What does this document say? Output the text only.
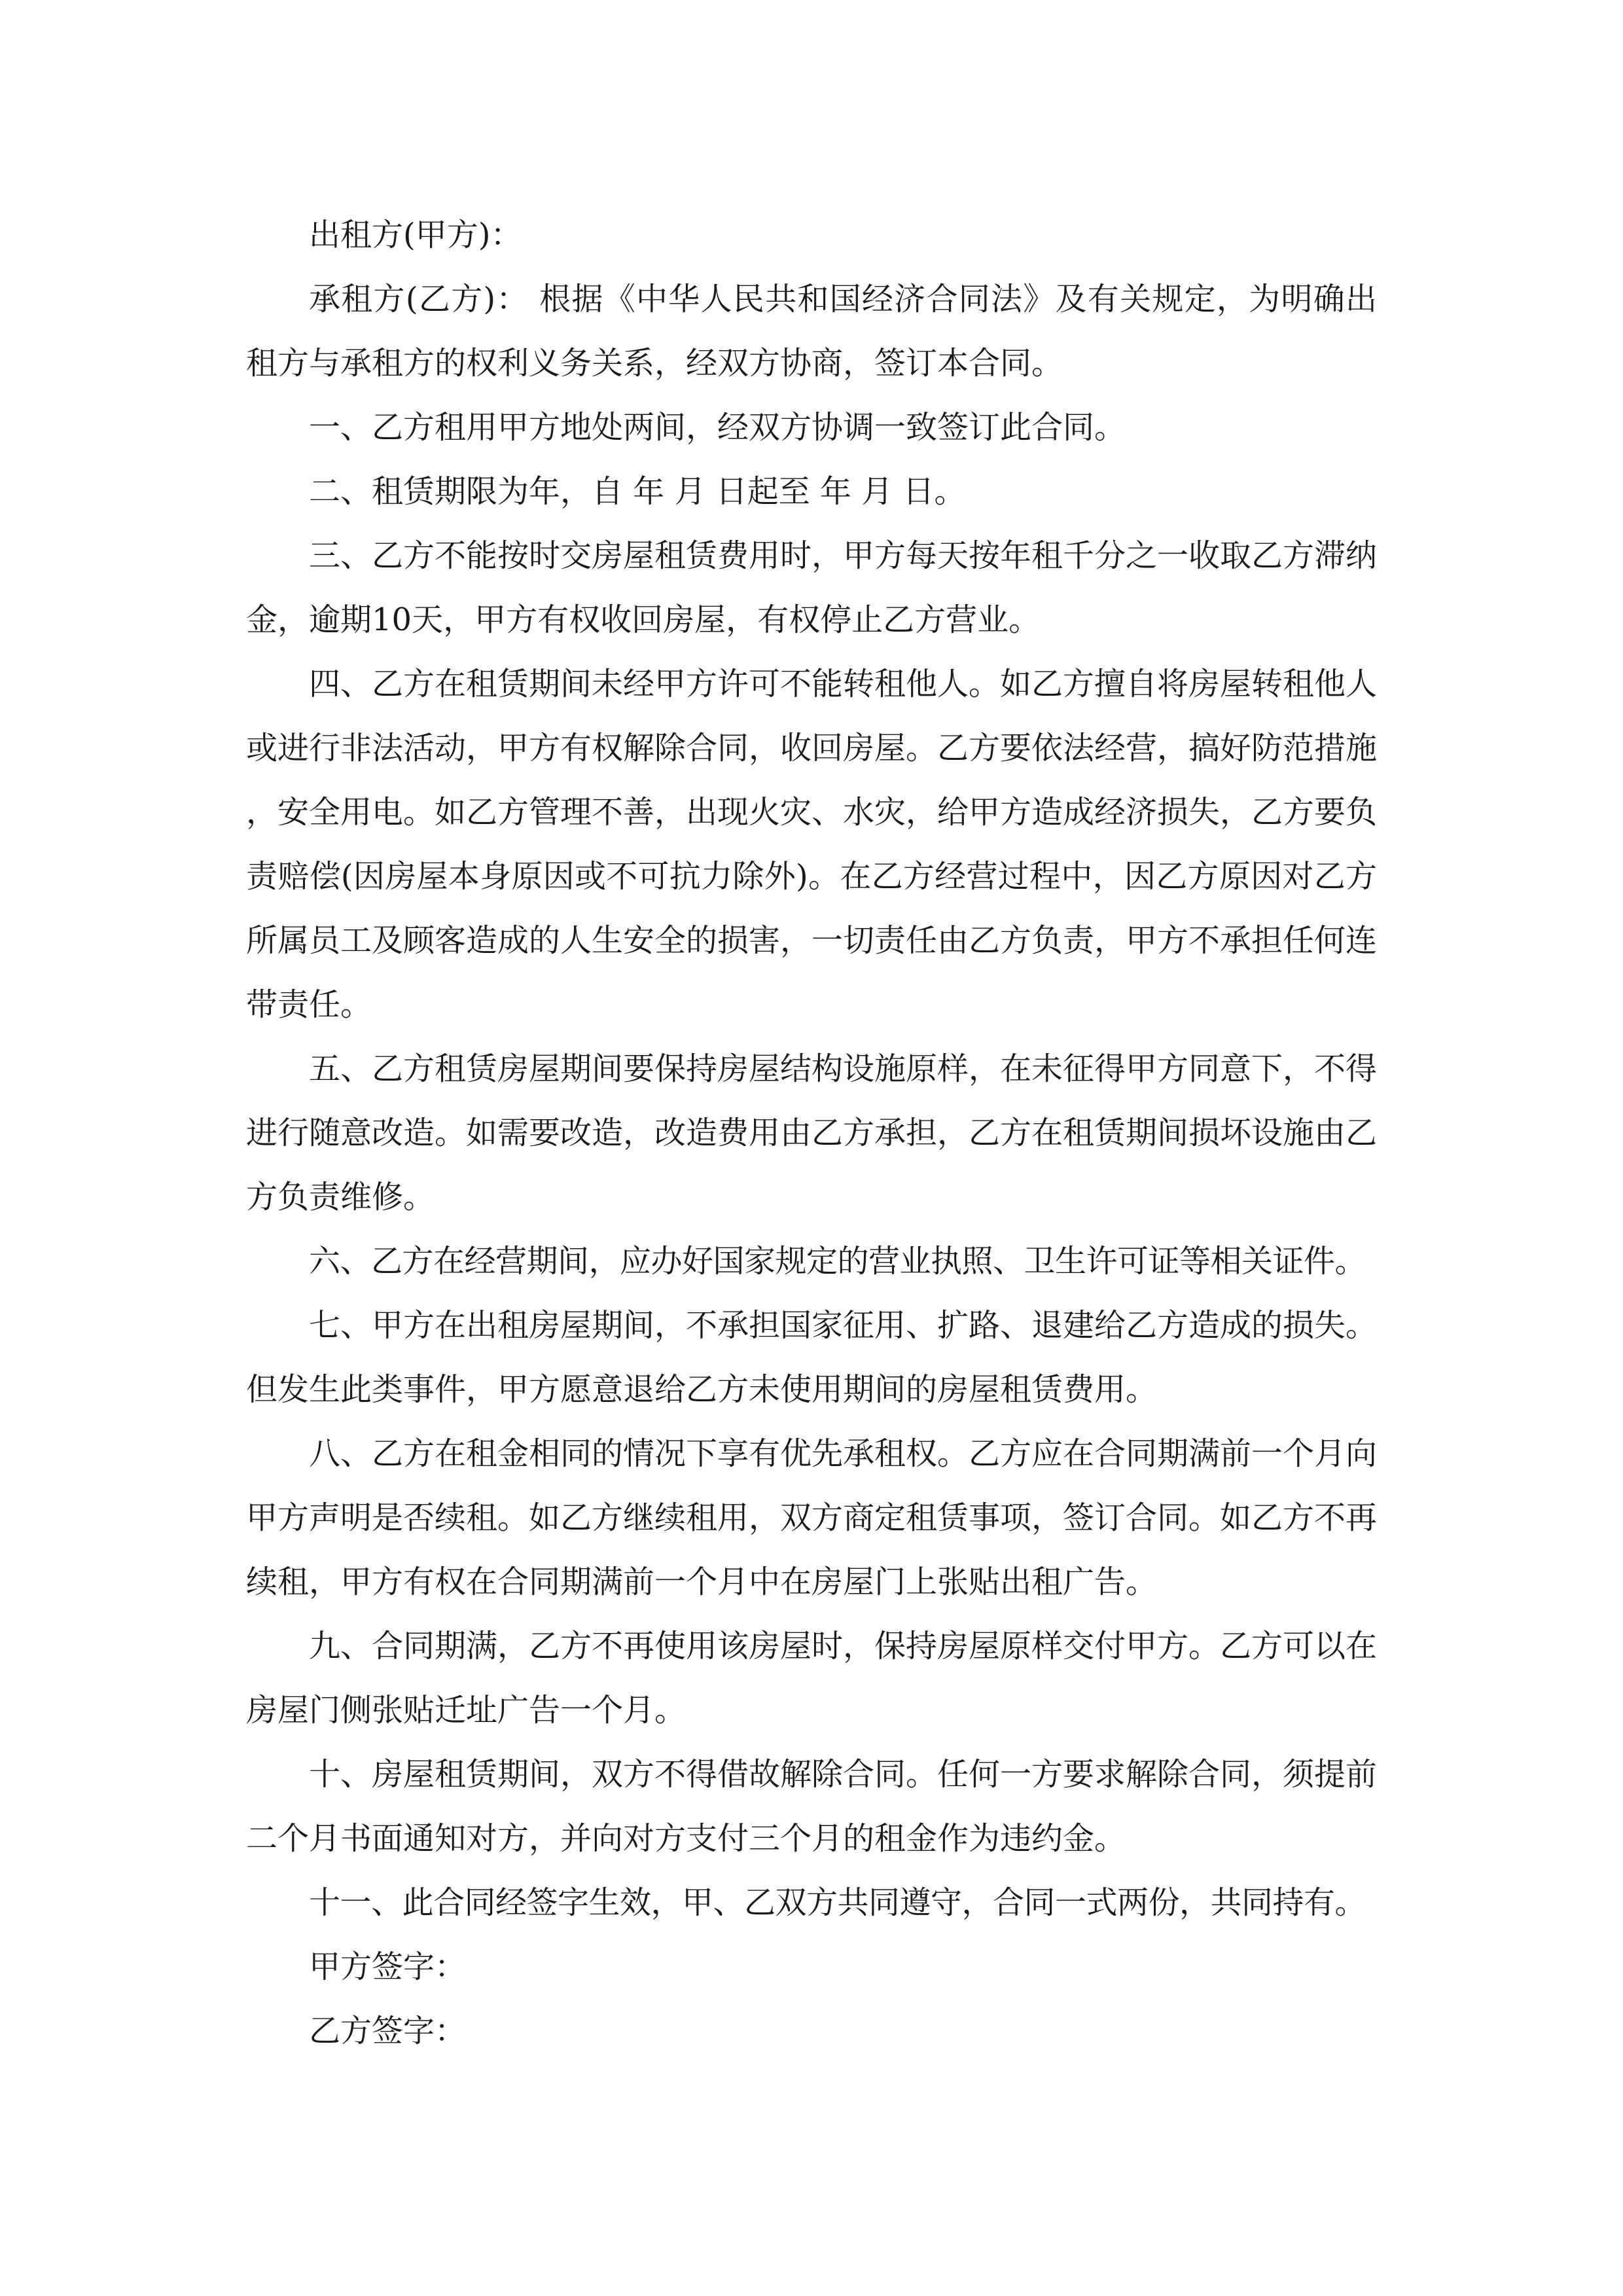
出租方(甲方)：

承租方(乙方)： 根据《中华人民共和国经济合同法》及有关规定，为明确出租方与承租方的权利义务关系，经双方协商，签订本合同。

一、乙方租用甲方地处两间，经双方协调一致签订此合同。

二、租赁期限为年，自 年 月 日起至 年 月 日。

三、乙方不能按时交房屋租赁费用时，甲方每天按年租千分之一收取乙方滞纳金，逾期10天，甲方有权收回房屋，有权停止乙方营业。

四、乙方在租赁期间未经甲方许可不能转租他人。如乙方擅自将房屋转租他人或进行非法活动，甲方有权解除合同，收回房屋。乙方要依法经营，搞好防范措施，安全用电。如乙方管理不善，出现火灾、水灾，给甲方造成经济损失，乙方要负责赔偿(因房屋本身原因或不可抗力除外)。在乙方经营过程中，因乙方原因对乙方所属员工及顾客造成的人生安全的损害，一切责任由乙方负责，甲方不承担任何连带责任。

五、乙方租赁房屋期间要保持房屋结构设施原样，在未征得甲方同意下，不得进行随意改造。如需要改造，改造费用由乙方承担，乙方在租赁期间损坏设施由乙方负责维修。

六、乙方在经营期间，应办好国家规定的营业执照、卫生许可证等相关证件。

七、甲方在出租房屋期间，不承担国家征用、扩路、退建给乙方造成的损失。但发生此类事件，甲方愿意退给乙方未使用期间的房屋租赁费用。

八、乙方在租金相同的情况下享有优先承租权。乙方应在合同期满前一个月向甲方声明是否续租。如乙方继续租用，双方商定租赁事项，签订合同。如乙方不再续租，甲方有权在合同期满前一个月中在房屋门上张贴出租广告。

九、合同期满，乙方不再使用该房屋时，保持房屋原样交付甲方。乙方可以在房屋门侧张贴迁址广告一个月。

十、房屋租赁期间，双方不得借故解除合同。任何一方要求解除合同，须提前二个月书面通知对方，并向对方支付三个月的租金作为违约金。

十一、此合同经签字生效，甲、乙双方共同遵守，合同一式两份，共同持有。

甲方签字：

乙方签字：
